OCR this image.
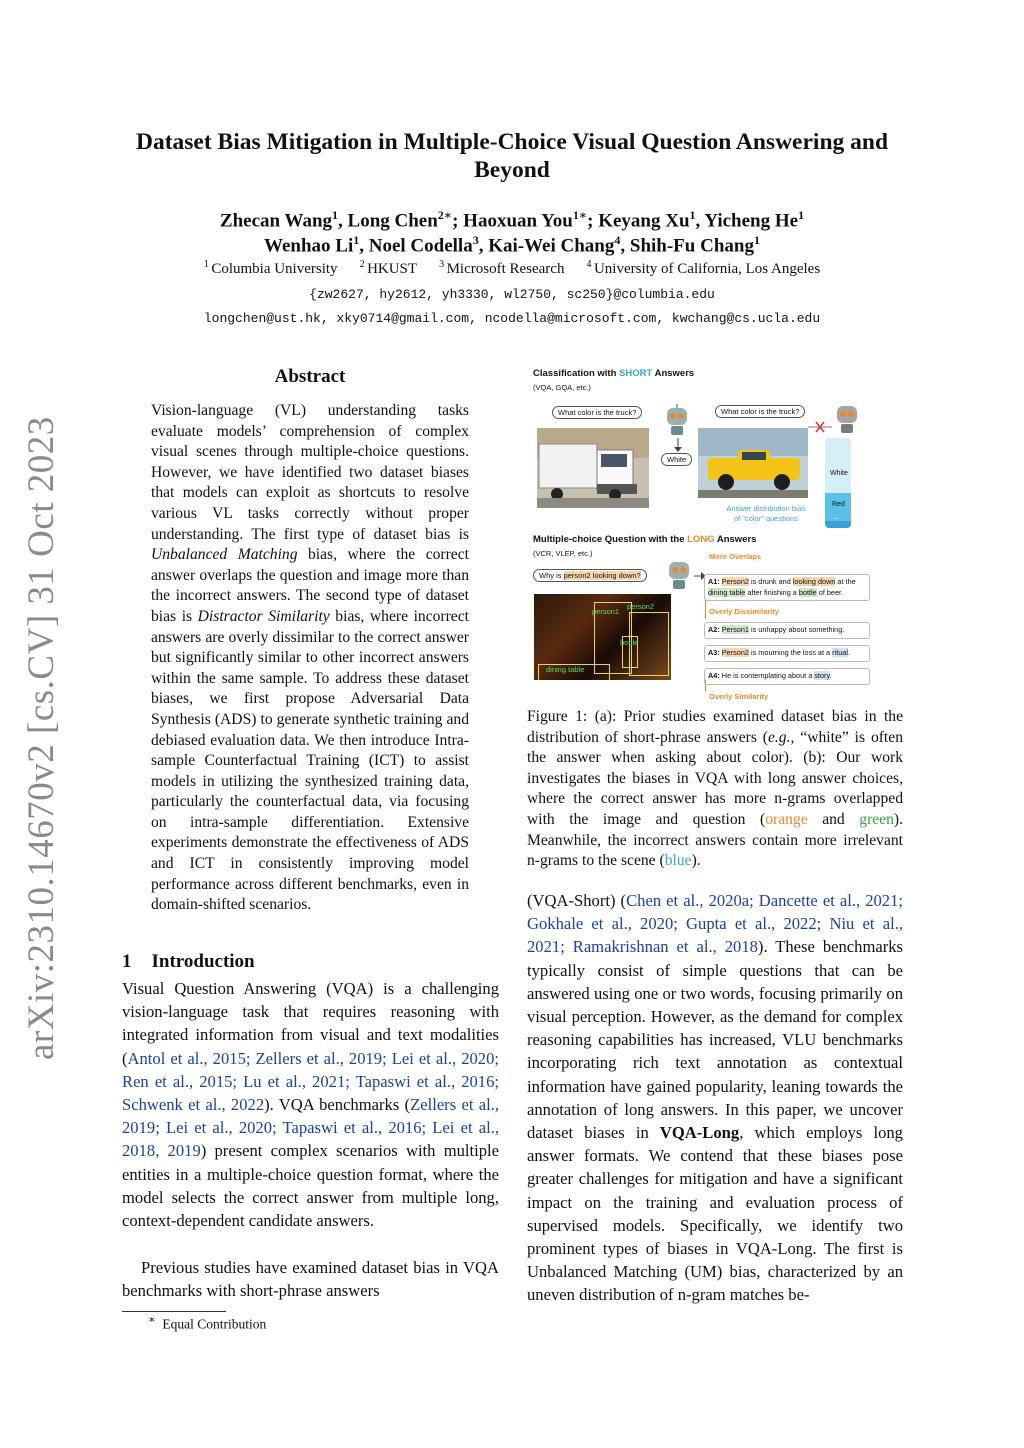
arXiv:2310.14670v2 [cs.CV] 31 Oct 2023
Dataset Bias Mitigation in Multiple-Choice Visual Question Answering and Beyond
Zhecan Wang$^1$, Long Chen$^{2∗}$; Haoxuan You$^{1∗}$; Keyang Xu$^1$, Yicheng He$^1$
Wenhao Li$^1$, Noel Codella$^3$, Kai-Wei Chang$^4$, Shih-Fu Chang$^1$
$^1$ Columbia University $^2$ HKUST $^3$ Microsoft Research $^4$ University of California, Los Angeles
{zw2627, hy2612, yh3330, wl2750, sc250}@columbia.edu
longchen@ust.hk, xky0714@gmail.com, ncodella@microsoft.com, kwchang@cs.ucla.edu
Abstract
Vision-language (VL) understanding tasks evaluate models’ comprehension of complex visual scenes through multiple-choice questions. However, we have identified two dataset biases that models can exploit as shortcuts to resolve various VL tasks correctly without proper understanding. The first type of dataset bias is Unbalanced Matching bias, where the correct answer overlaps the question and image more than the incorrect answers. The second type of dataset bias is Distractor Similarity bias, where incorrect answers are overly dissimilar to the correct answer but significantly similar to other incorrect answers within the same sample. To address these dataset biases, we first propose Adversarial Data Synthesis (ADS) to generate synthetic training and debiased evaluation data. We then introduce Intra-sample Counterfactual Training (ICT) to assist models in utilizing the synthesized training data, particularly the counterfactual data, via focusing on intra-sample differentiation. Extensive experiments demonstrate the effectiveness of ADS and ICT in consistently improving model performance across different benchmarks, even in domain-shifted scenarios.
1 Introduction
Visual Question Answering (VQA) is a challenging vision-language task that requires reasoning with integrated information from visual and text modalities (Antol et al., 2015; Zellers et al., 2019; Lei et al., 2020; Ren et al., 2015; Lu et al., 2021; Tapaswi et al., 2016; Schwenk et al., 2022). VQA benchmarks (Zellers et al., 2019; Lei et al., 2020; Tapaswi et al., 2016; Lei et al., 2018, 2019) present complex scenarios with multiple entities in a multiple-choice question format, where the model selects the correct answer from multiple long, context-dependent candidate answers.
Previous studies have examined dataset bias in VQA benchmarks with short-phrase answers
∗ Equal Contribution
Classification with SHORT Answers
(VQA, GQA, etc.)
What color is the truck?	What color is the truck?
White
White
Red
...
Answer distribution bias
of "color" questions
Multiple-choice Question with the LONG Answers
(VCR, VLEP, etc.)	More Overlaps
Why is person2 looking down?
person1
person2
bottle
dining table
A1: Person2 is drunk and looking down at the dining table after finishing a bottle of beer.
Overly Dissimilarity
A2: Person1 is unhappy about something.
A3: Person2 is mourning the loss at a ritual.
A4: He is contemplating about a story.
Overly Similarity
Figure 1: (a): Prior studies examined dataset bias in the distribution of short-phrase answers (e.g., “white” is often the answer when asking about color). (b): Our work investigates the biases in VQA with long answer choices, where the correct answer has more n-grams overlapped with the image and question (orange and green). Meanwhile, the incorrect answers contain more irrelevant n-grams to the scene (blue).
(VQA-Short) (Chen et al., 2020a; Dancette et al., 2021; Gokhale et al., 2020; Gupta et al., 2022; Niu et al., 2021; Ramakrishnan et al., 2018). These benchmarks typically consist of simple questions that can be answered using one or two words, focusing primarily on visual perception. However, as the demand for complex reasoning capabilities has increased, VLU benchmarks incorporating rich text annotation as contextual information have gained popularity, leaning towards the annotation of long answers. In this paper, we uncover dataset biases in VQA-Long, which employs long answer formats. We contend that these biases pose greater challenges for mitigation and have a significant impact on the training and evaluation process of supervised models. Specifically, we identify two prominent types of biases in VQA-Long. The first is Unbalanced Matching (UM) bias, characterized by an uneven distribution of n-gram matches be-
